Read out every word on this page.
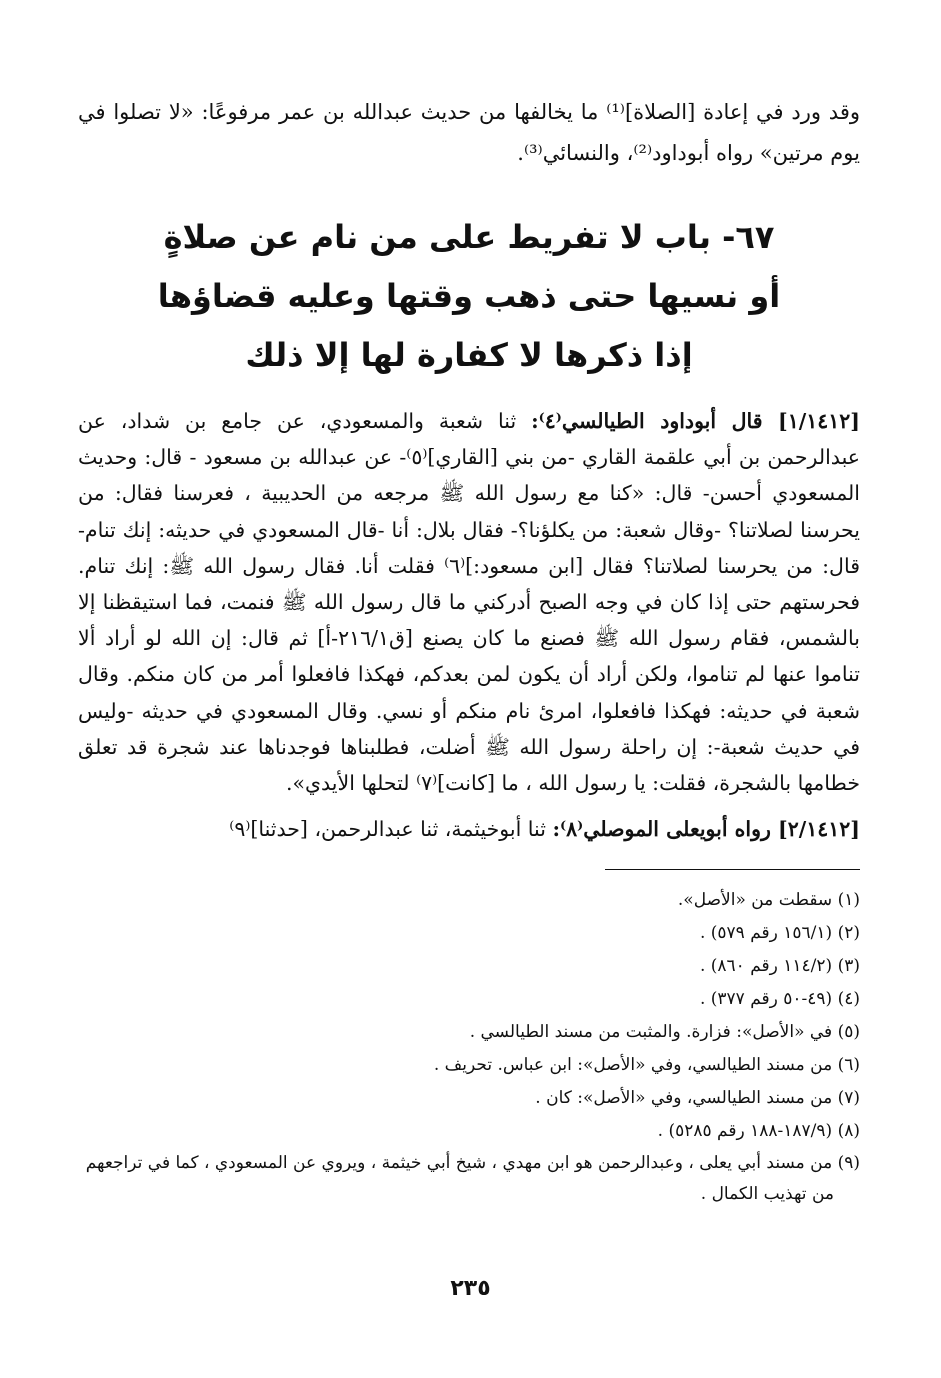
وقد ورد في إعادة [الصلاة]⁽¹⁾ ما يخالفها من حديث عبدالله بن عمر مرفوعًا: «لا تصلوا في يوم مرتين» رواه أبوداود⁽²⁾، والنسائي⁽³⁾.

٦٧- باب لا تفريط على من نام عن صلاةٍ
أو نسيها حتى ذهب وقتها وعليه قضاؤها
إذا ذكرها لا كفارة لها إلا ذلك

[١/١٤١٢] قال أبوداود الطيالسي⁽٤⁾: ثنا شعبة والمسعودي، عن جامع بن شداد، عن عبدالرحمن بن أبي علقمة القاري -من بني [القاري]⁽٥⁾- عن عبدالله بن مسعود - قال: وحديث المسعودي أحسن- قال: «كنا مع رسول الله ﷺ مرجعه من الحديبية ، فعرسنا فقال: من يحرسنا لصلاتنا؟ -وقال شعبة: من يكلؤنا؟- فقال بلال: أنا -قال المسعودي في حديثه: إنك تنام- قال: من يحرسنا لصلاتنا؟ فقال [ابن مسعود:]⁽٦⁾ فقلت أنا. فقال رسول الله ﷺ: إنك تنام. فحرستهم حتى إذا كان في وجه الصبح أدركني ما قال رسول الله ﷺ فنمت، فما استيقظنا إلا بالشمس، فقام رسول الله ﷺ فصنع ما كان يصنع [ق٢١٦/١-أ] ثم قال: إن الله لو أراد ألا تناموا عنها لم تناموا، ولكن أراد أن يكون لمن بعدكم، فهكذا فافعلوا أمر من كان منكم. وقال شعبة في حديثه: فهكذا فافعلوا، امرئ نام منكم أو نسي. وقال المسعودي في حديثه -وليس في حديث شعبة-: إن راحلة رسول الله ﷺ أضلت، فطلبناها فوجدناها عند شجرة قد تعلق خطامها بالشجرة، فقلت: يا رسول الله ، ما [كانت]⁽٧⁾ لتحلها الأيدي».

[٢/١٤١٢] رواه أبويعلى الموصلي⁽٨⁾: ثنا أبوخيثمة، ثنا عبدالرحمن، [حدثنا]⁽٩⁾

(١) سقطت من «الأصل».
(٢) (١٥٦/١ رقم ٥٧٩) .
(٣) (١١٤/٢ رقم ٨٦٠) .
(٤) (٤٩-٥٠ رقم ٣٧٧) .
(٥) في «الأصل»: فزارة. والمثبت من مسند الطيالسي .
(٦) من مسند الطيالسي، وفي «الأصل»: ابن عباس. تحريف .
(٧) من مسند الطيالسي، وفي «الأصل»: كان .
(٨) (١٨٧/٩-١٨٨ رقم ٥٢٨٥) .
(٩) من مسند أبي يعلى ، وعبدالرحمن هو ابن مهدي ، شيخ أبي خيثمة ، ويروي عن المسعودي ، كما في تراجعهم من تهذيب الكمال .
٢٣٥
